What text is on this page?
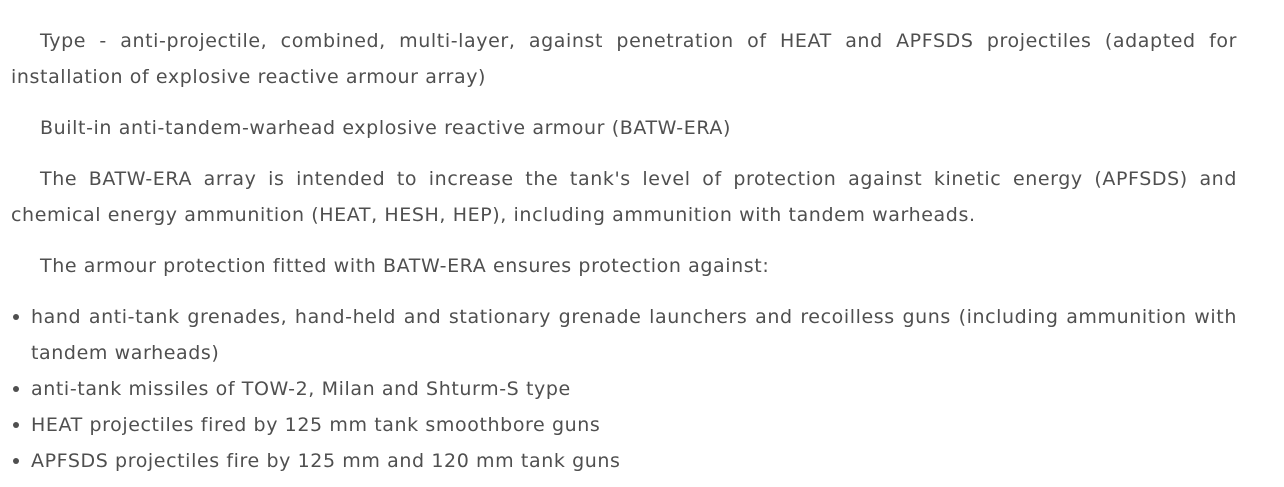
Type - anti-projectile, combined, multi-layer, against penetration of HEAT and APFSDS projectiles (adapted for installation of explosive reactive armour array)

Built-in anti-tandem-warhead explosive reactive armour (BATW-ERA)

The BATW-ERA array is intended to increase the tank's level of protection against kinetic energy (APFSDS) and chemical energy ammunition (HEAT, HESH, HEP), including ammunition with tandem warheads.

The armour protection fitted with BATW-ERA ensures protection against:

hand anti-tank grenades, hand-held and stationary grenade launchers and recoilless guns (including ammunition with tandem warheads)
anti-tank missiles of TOW-2, Milan and Shturm-S type
HEAT projectiles fired by 125 mm tank smoothbore guns
APFSDS projectiles fire by 125 mm and 120 mm tank guns
